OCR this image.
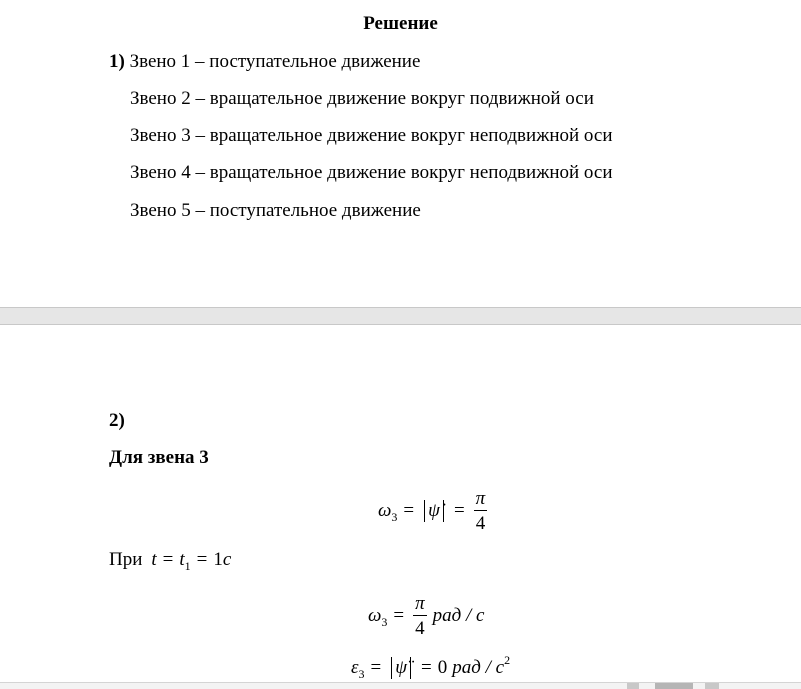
Решение
1) Звено 1 – поступательное движение
Звено 2 – вращательное движение вокруг подвижной оси
Звено 3 – вращательное движение вокруг неподвижной оси
Звено 4 – вращательное движение вокруг неподвижной оси
Звено 5 – поступательное движение
2)
Для звена 3
ω 3 = ψ̇ = $\frac{\pi}{4}$
При t = t 1 = 1 c
ω $3 = \frac{\pi}{4}$ рад / с
ε 3 = ψ̈ = 0 рад / с 2
